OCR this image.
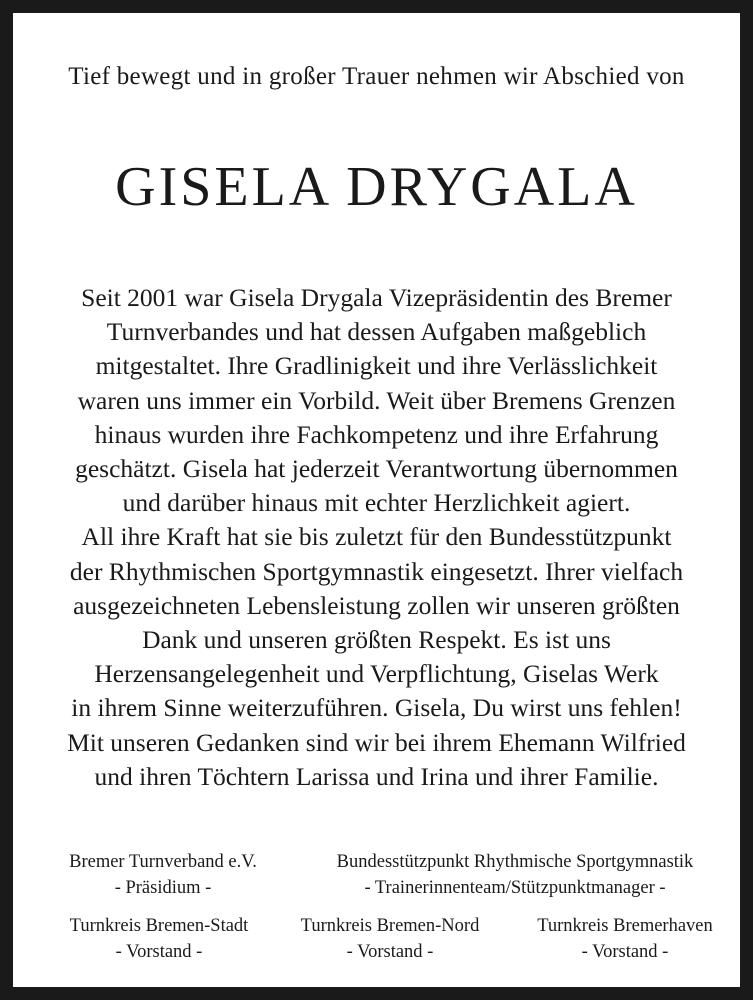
Tief bewegt und in großer Trauer nehmen wir Abschied von
GISELA DRYGALA
Seit 2001 war Gisela Drygala Vizepräsidentin des Bremer
Turnverbandes und hat dessen Aufgaben maßgeblich
mitgestaltet. Ihre Gradlinigkeit und ihre Verlässlichkeit
waren uns immer ein Vorbild. Weit über Bremens Grenzen
hinaus wurden ihre Fachkompetenz und ihre Erfahrung
geschätzt. Gisela hat jederzeit Verantwortung übernommen
und darüber hinaus mit echter Herzlichkeit agiert.
All ihre Kraft hat sie bis zuletzt für den Bundesstützpunkt
der Rhythmischen Sportgymnastik eingesetzt. Ihrer vielfach
ausgezeichneten Lebensleistung zollen wir unseren größten
Dank und unseren größten Respekt. Es ist uns
Herzensangelegenheit und Verpflichtung, Giselas Werk
in ihrem Sinne weiterzuführen. Gisela, Du wirst uns fehlen!
Mit unseren Gedanken sind wir bei ihrem Ehemann Wilfried
und ihren Töchtern Larissa und Irina und ihrer Familie.
Bremer Turnverband e.V.
- Präsidium -
Bundesstützpunkt Rhythmische Sportgymnastik
- Trainerinnenteam/Stützpunktmanager -
Turnkreis Bremen-Stadt
- Vorstand -
Turnkreis Bremen-Nord
- Vorstand -
Turnkreis Bremerhaven
- Vorstand -
